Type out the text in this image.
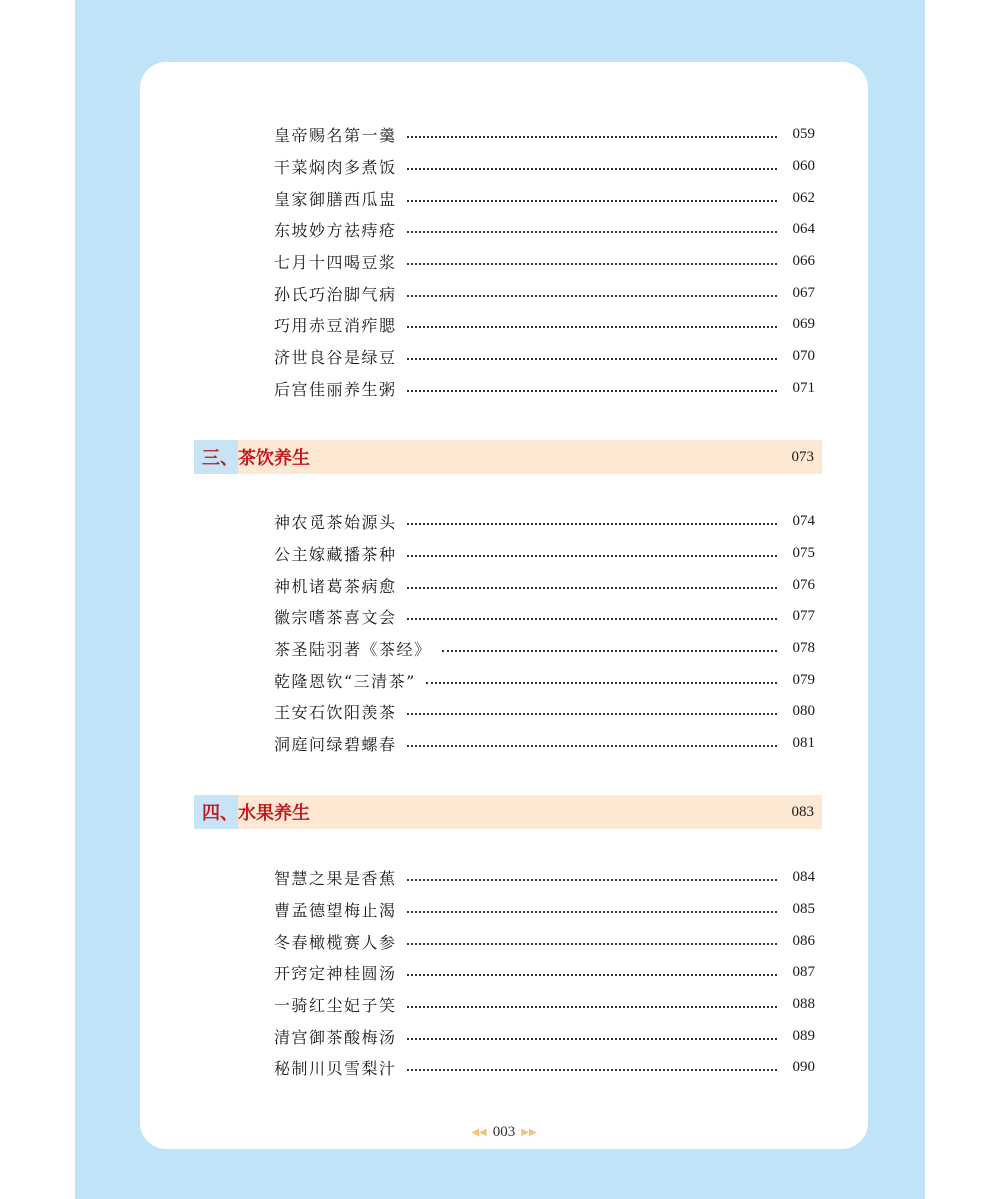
皇帝赐名第一羹	059
干菜焖肉多煮饭	060
皇家御膳西瓜盅	062
东坡妙方祛痔疮	064
七月十四喝豆浆	066
孙氏巧治脚气病	067
巧用赤豆消痄腮	069
济世良谷是绿豆	070
后宫佳丽养生粥	071
三、 茶饮养生	073
神农觅茶始源头	074
公主嫁藏播茶种	075
神机诸葛茶病愈	076
徽宗嗜茶喜文会	077
茶圣陆羽著《茶经》	078
乾隆恩钦“三清茶”	079
王安石饮阳羡茶	080
洞庭问绿碧螺春	081
四、 水果养生	083
智慧之果是香蕉	084
曹孟德望梅止渴	085
冬春橄榄赛人参	086
开窍定神桂圆汤	087
一骑红尘妃子笑	088
清宫御茶酸梅汤	089
秘制川贝雪梨汁	090
◀◀ 003 ▶▶
